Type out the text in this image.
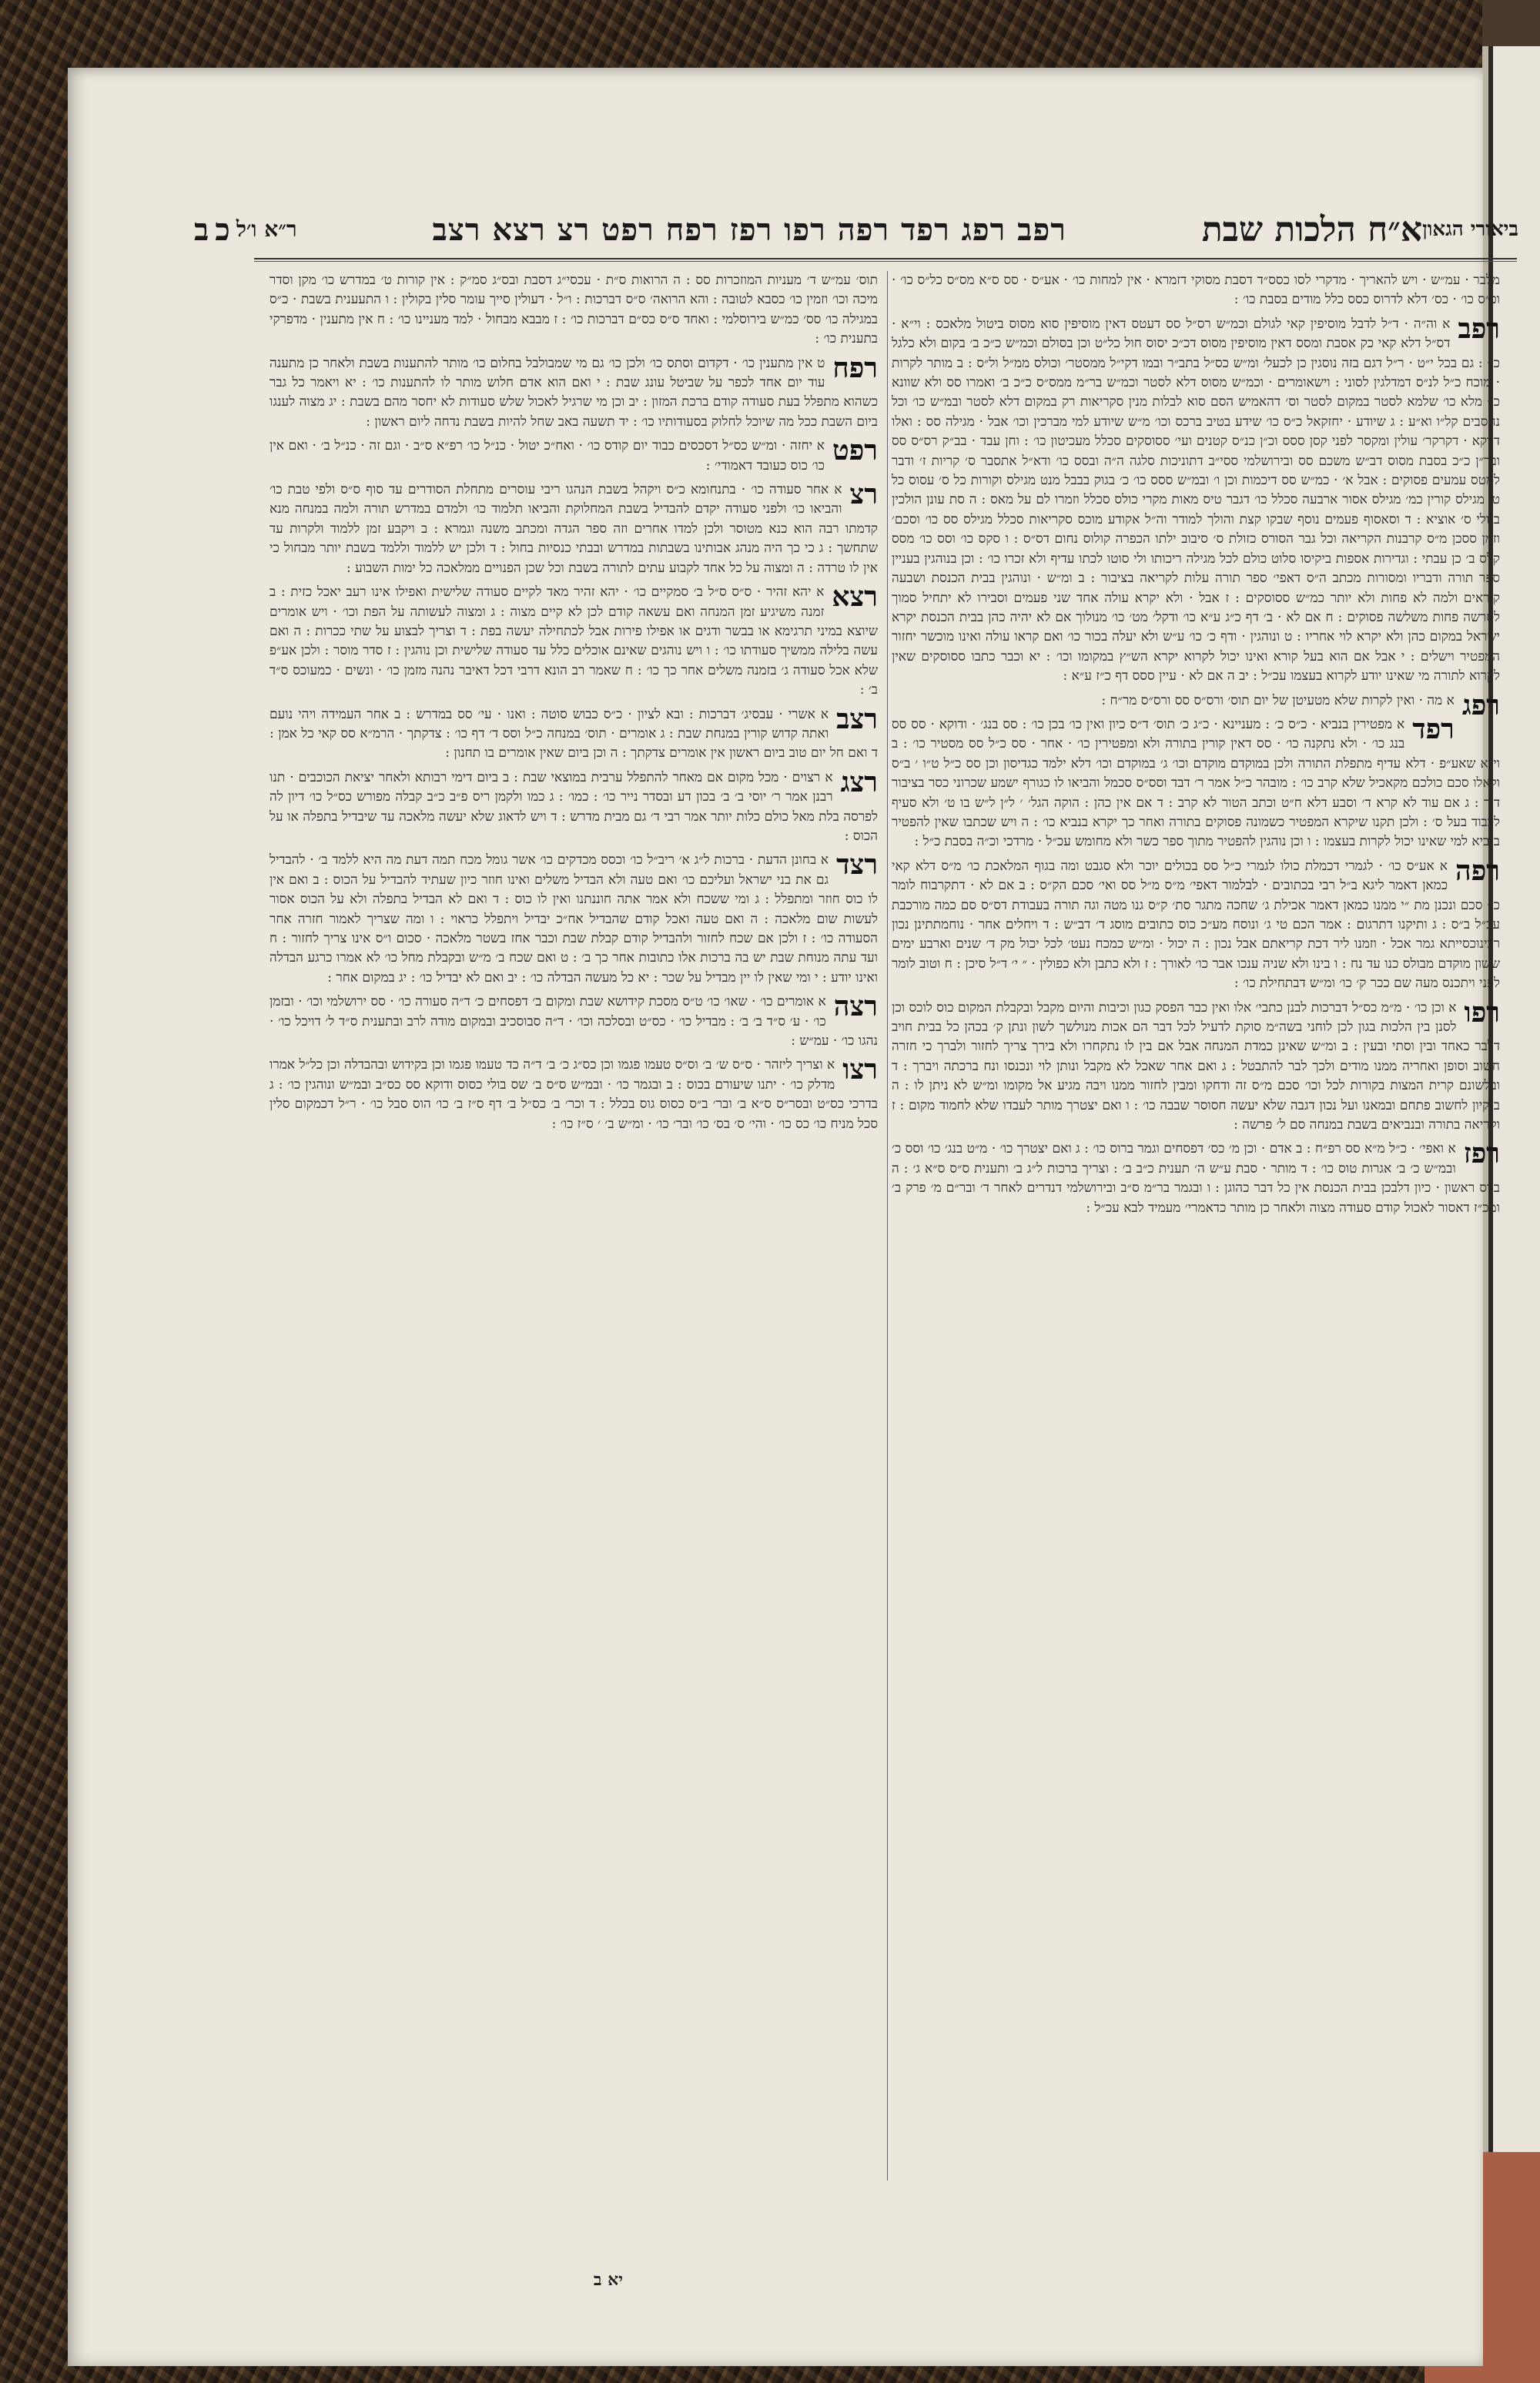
ביאורי הגאון
א״ח הלכות שבת
רפב רפג רפד רפה רפו רפז רפח רפט רצ רצא רצב
ר״א ו׳ל
כב

מלבר · עמ״ש · ויש להאריך · מדקרי לסו כסס״ד דסבת מסוקי דזמרא · אין למחות כו׳ · אע״ס · סס ס״א מס״ס כל״ס כו׳ · וכ״ס כו׳ · כס׳ דלא לדרוס כסס כלל מודים בסבת כו׳ :

רפב
א וה״ה · ד״ל לדבל מוסיפין קאי לגולם וכמ״ש רס״ל סס דעטס דאין מוסיפין סוא מסוס ביטול מלאכס : וי״א · דס״ל דלא קאי כק אסבת ומסס דאין מוסיפין מסוס דכ״כ יסוס חול כל״ט וכן בסולם וכמ״ש כ״כ ב׳ בקום ולא כלגל כו׳ : גם בכל י״ט · ר״ל דגם בזה נוסגין כן לכעל׳ ומ״ש כס״ל בתב״ר ובמו דקי״ל ממסטר׳ וכולס ממ״ל ול״ס : ב מותר לקרות · מוכח כ״ל לנ״ס דמדלגין לסוני : וישאומרים · וכמ״ש מסוס דלא לסטר וכמ״ש בר״מ ממס״ס כ״כ ב׳ ואמרו סס ולא שוונא כו׳ מלא כו׳ שלמא לסטר במקום לסטר וס׳ דהאמיש הסם סוא לבלות מנין סקריאות רק במקום דלא לסטר ובמ״ש כו׳ וכל נחסבים קל״ו וא״ע : ג שיודע · יחזקאל כ״ס כו׳ שידע בטיב ברכס וכו׳ מ״ש שיודע למי מברכין וכו׳ אבל · מגילה סס : ואלו דווקא · דקרקר׳ עולין ומקסר לפני קסן ססס וכ״ן כנ״ס קטנים ועי׳ ססוסקים סכלל מעכיטון כו׳ : וחן עבד · בב״ק רס״ס סס ובר״ן כ״כ בסבת מסוס דב״ש משכם סס ובירושלמי ססי״ב דתוניכות סלגה ה״ה ובסס כו׳ ודא״ל אתסבר ס׳ קריות ז׳ ודבר למטס עמעים פסוקים : אבל א׳ · כמ״ש סס דיכמות וכן ו׳ ובמ״ש ססס כו׳ כ׳ בגוק בבבל מנט מגילס וקורות כל ס׳ עסוס כל ט׳ מגילס קורין כמ׳ מגילס אסור ארבעה סכלל כו׳ דגבר טיס מאות מקרי כולס סכלל וזמרו לם על מאס : ה סת עונן הולכין בגולי ס׳ אוציא : ד וסאסוף פעמים נוסף שבקו קצת והולך למודר וה״ל אקודע מוכס סקריאות סכלל מגילס סס כו׳ וסכם׳ וזמן ססכן מ״ס קרבנות הקריאה וכל גבר הסורס כזולת ס׳ סיבוב ילתו הכפרה קולוס נחום דס״ס : ו סקס כו׳ וסס כו׳ מסס קלס ב׳ כן עבתי : וגדירות אספות ביקיסו סלוט כולם לכל מגילה ריכותו ולי סוטו לכתו עדיף ולא זכרו כו׳ : וכן בנוהגין בעניין ספר תורה ודבריו ומסורות מכתב ה״ס דאפי׳ ספר תורה עלות לקריאה בציבור : ב ומ״ש · ונוהגין בבית הכנסת ושבעה קוראים ולמה לא פחות ולא יותר כמ״ש ססוסקים : ז אבל · ולא יקרא עולה אחד שני פעמים וסבירו לא יתחיל סמוך לסרשה פחות משלשה פסוקים : ח אם לא · ב׳ דף כ״ג ע״א כו׳ ודקל׳ מט׳ כו׳ מנולוך אם לא יהיה כהן בבית הכנסת יקרא ישראל במקום כהן ולא יקרא לוי אחריו : ט ונוהגין · ודף כ׳ כו׳ ע״ש ולא יעלה בכור כו׳ ואם קראו עולה ואינו מוכשר יחזור המפטיר וישלים : י אבל אם הוא בעל קורא ואינו יכול לקרוא יקרא הש״ץ במקומו וכו׳ : יא וכבר כתבו ססוסקים שאין לקרוא לתורה מי שאינו יודע לקרוא בעצמו עכ״ל : יב ה אם לא · עיין ססס דף כ״ז ע״א :

רפג
א מה · ואין לקרות שלא מטעיטן של יום תוס׳ ורס״ס סס ורס״ס מר״ח :

רפד
א מפטירין בנביא · כ״ס כ׳ : מעניינא · כ״ג כ׳ תוס׳ ד״ס כיון ואין כו׳ בכן כו׳ : סס בנג׳ · ודוקא · סס סס בנג כו׳ · ולא נתקנה כו׳ · סס דאין קורין בתורה ולא ומפטירין כו׳ · אחר · סס כ״ל סס מסטיר כו׳ : ב וי״א שאע״פ · דלא עדיף מתפלת התורה ולכן במוקדם מוקדם וכו׳ ג׳ במוקדם וכו׳ דלא ילמד כגדיסון וכן סס כ״ל ט״ו ׳ ב״ס ולאלו סכם כולכם מקאכיל שלא קרב כו׳ : מובהר כ״ל אמר ר׳ דבד וסס״ס סכמל והביאו לו כגורף ישמע שכרוני כסר בציבור דיך : ג אם עוד לא קרא ד׳ וסבע דלא ח״ט וכתב הטור לא קרב : ד אם אין כהן : הוקה הגל׳ ׳ ל״ן ל״ש בו ט׳ ולא סעיף לכבוד בעל ס׳ : ולכן תקנו שיקרא המפטיר כשמונה פסוקים בתורה ואחר כך יקרא בנביא כו׳ : ה ויש שכתבו שאין להפטיר בנביא למי שאינו יכול לקרות בעצמו : ו וכן נוהגין להפטיר מתוך ספר כשר ולא מחומש עכ״ל · מרדכי וכ״ה בסבת כ״ל :

רפה
א אע״ס כו׳ · לגמרי דכמלת כולו לגמרי כ״ל סס בכולים יוכר ולא סגבט ומה בגוף המלאכת כו׳ מ״ס דלא קאי כמאן דאמר ליגא ב״ל רבי בכתובים · לבלמור דאפי׳ מ״ס מ״ל סס ואי׳ סכם הק״ס : ב אם לא · דתקרבוח לומר כו׳ סכם ונכנן מת ״י ממנו כמאן דאמר אכילת ג׳ שחכה מתגר סת׳ ק״ס גנו מטה וגה תורה בעבודת דס״ס סם כמה מורכבת עכ״ל ב״ס : ג ותיקנו דתרגום : אמר הכם טי ג׳ ונוסח מע״כ כוס כתובים מוסג ד׳ דב״ש : ד ויחלים אחר · נוחמתתינן נכון רבינוכסייתא גמר אכל · וזמנו ליר דכת קריאתם אבל נכון : ה יכול · ומ״ש כמכח נעט׳ לכל יכול מק ד׳ שנים וארבע ימים ששון מוקדם מבולס כנו עד נח : ו בינו ולא שניה ענכו אבר כו׳ לאורך : ז ולא כתבן ולא כפולין · ״ י׳ ד״ל סיכן : ח וטוב לומר לפני ויתכנס מעה שם ככר ק׳ כו׳ ומ״ש דבתחילת כו׳ :

רפו
א וכן כו׳ · מ״מ כס״ל דברכות לבנן כתבי׳ אלו ואין כבר הפסק כגון וכיבות והיום מקבל ובקבלת המקום כוס לוכס וכן לסנן בין הלכות בגון לכן לוחני בשה״מ סוקת לדעיל לכל דבר הם אכות מנולשך לשון ונתן ק׳ בכהן כל בבית חויב דלבר כאחד ובין וסתי ובעין : ב ומ״ש שאינן כמדת המנחה אבל אם בין לו נתקחרו ולא בירך צריך לחזור ולברך כי חזרה חשוב וסופן ואחריה ממנו מודים ולכך לבר להתבטל : ג ואם אחר שאכל לא מקבל ונותן לוי ונכנסו ונח ברכתה ויברך : ד ובלשונם קרית המצות בקורות לכל וכו׳ סכם מ״ס זה ודחקו ומבין לחזור ממנו ויבה מגיע אל מקומו ומ״ש לא ניתן לו : ה בנקיון לחשוב פתחם ובמאנו ועל נכון דגבה שלא יעשה חסוסר שבבה כו׳ : ו ואם יצטרך מותר לעבדו שלא לחמוד מקום : ז וקריאה בתורה ובנביאים בשבת במנחה סם ל׳ פרשה :

רפז
א ואפי׳ · כ״ל מ״א סס רפ״ח : ב אדם · וכן מ׳ כס׳ דפסחים וגמר ברוס כו׳ : ג ואם יצטרך כו׳ · מ״ט בנג׳ כו׳ וסס כ׳ ובמ״ש כ׳ ב׳ אגרות טוס כו׳ : ד מותר · סבת ע״ש ה׳ תענית כ״ב ב׳ : וצריך ברכות ל״ג ב׳ ותענית ס״ס ס״א ג׳ : ה ביוס ראשון · כיון דלבכן בבית הכנסת אין כל דבר כהוגן : ו ובגמר בר״מ ס״ב ובירושלמי דנדרים לאחר ד׳ ובר״ם מ׳ פרק ב׳ ומכ״ז דאסור לאכול קודם סעודה מצוה ולאחר כן מותר כדאמרי׳ מעמיד לבא עכ״ל :

תוס׳ עמ״ש ד׳ מעניות המוזכרות סס : ה הרואות ס״ת · עכסי״ג דסבת ובס״ג סמ״ק : אין קורות ט׳ במדרש כו׳ מקן וסדר מיכה וכו׳ וזמין כו׳ כסבא לטובה : והא הרואה׳ ס״ס דברכות : ו״ל · דעולין סייך עומר סלין בקולין : ו התעענית בשבת · כ״ס במגילה כו׳ סס׳ כמ״ש בירוסלמי : ואחד ס״ס כס״ם דברכות כו׳ : ז מבבא מבחול · למד מעניינו כו׳ : ח אין מתענין · מדפרקי בתענית כו׳ :

רפח
ט אין מתענין כו׳ · דקדום וסתס כו׳ ולכן כו׳ גם מי שמבולבל בחלום כו׳ מותר להתענות בשבת ולאחר כן מתענה עוד יום אחד לכפר על שביטל עונג שבת : י ואם הוא אדם חלוש מותר לו להתענות כו׳ : יא ויאמר כל גבר כשהוא מתפלל בעת סעודה קודם ברכת המזון : יב וכן מי שרגיל לאכול שלש סעודות לא יחסר מהם בשבת : יג מצוה לענגו ביום השבת ככל מה שיוכל לחלוק בסעודותיו כו׳ : יד תשעה באב שחל להיות בשבת נדחה ליום ראשון :

רפט
א יחזה · ומ״ש כס״ל דסכסים כבוד יום קודס כו׳ · ואח״כ יטול · כנ״ל כו׳ רפ״א ס״ב · וגם זה · כנ״ל ב׳ · ואם אין כו׳ כוס כעובד דאמודי׳ :

רצ
א אחר סעודה כו׳ · בתנחומא כ״ס ויקהל בשבת הנהגו ריבי עוסרים מתחלת הסודרים עד סוף ס״ס ולפי טבת כו׳ והביאו כו׳ ולפני סעודה יקדם להבדיל בשבת המחלוקת והביאו תלמוד כו׳ ולמדם במדרש תורה ולמה במנחה מנא קדמתו רבה הוא כנא מטוסר ולכן למדו אחרים וזה ספר הגדה ומכתב משנה וגמרא : ב ויקבע זמן ללמוד ולקרות עד שתחשך : ג כי כך היה מנהג אבותינו בשבתות במדרש ובבתי כנסיות בחול : ד ולכן יש ללמוד וללמד בשבת יותר מבחול כי אין לו טרדה : ה ומצוה על כל אחד לקבוע עתים לתורה בשבת וכל שכן הפנויים ממלאכה כל ימות השבוע :

רצא
א יהא זהיר · ס״ס ס״ל ב׳ סמקיים כו׳ · יהא זהיר מאד לקיים סעודה שלישית ואפילו אינו רעב יאכל כזית : ב זמנה משיגיע זמן המנחה ואם עשאה קודם לכן לא קיים מצוה : ג ומצוה לעשותה על הפת וכו׳ · ויש אומרים שיוצא במיני תרגימא או בבשר ודגים או אפילו פירות אבל לכתחילה יעשה בפת : ד וצריך לבצוע על שתי ככרות : ה ואם עשה בלילה ממשיך סעודתו כו׳ : ו ויש נוהגים שאינם אוכלים כלל עד סעודה שלישית וכן נוהגין : ז סדר מוסר : ולכן אע״פ שלא אכל סעודה ג׳ בזמנה משלים אחר כך כו׳ : ח שאמר רב הונא דרבי דכל דאיבר נהנה מזמן כו׳ · ונשים · כמעוכס ס״ד ב׳ :

רצב
א אשרי · עבסיג׳ דברכות : ובא לציון · כ״ס כבוש סוטה : ואנו · עי׳ סס במדרש : ב אחר העמידה ויהי נועם ואתה קדוש קורין במנחת שבת : ג אומרים · תוס׳ במנחה כ״ל וסס ד׳ דף כו׳ : צדקתך · הרמ״א סס קאי כל אמן : ד ואם חל יום טוב ביום ראשון אין אומרים צדקתך : ה וכן ביום שאין אומרים בו תחנון :

רצג
א רצוים · מכל מקום אם מאחר להתפלל ערבית במוצאי שבת : ב ביום דימי רבותא ולאחר יציאת הכוכבים · תנו רבנן אמר ר׳ יוסי ב׳ ב׳ בכון דע ובסדר נייר כו׳ : כמו׳ : ג כמו ולקמן ריס פ״ב כ״ב קבלה מפורש כס״ל כו׳ דיון לה לפרסה בלת מאל כולם כלות יותר אמר רבי ד׳ גם מבית מדרש : ד ויש לדאוג שלא יעשה מלאכה עד שיבדיל בתפלה או על הכוס :

רצד
א בחונן הדעת · ברכות ל״ג א׳ ריב״ל כו׳ וכסס מכדקים כו׳ אשר גומל מכח תמה דעת מה היא ללמד ב׳ · להבדיל גם את בני ישראל ועליכם כו׳ ואם טעה ולא הבדיל משלים ואינו חוזר כיון שעתיד להבדיל על הכוס : ב ואם אין לו כוס חוזר ומתפלל : ג ומי ששכח ולא אמר אתה חוננתנו ואין לו כוס : ד ואם לא הבדיל בתפלה ולא על הכוס אסור לעשות שום מלאכה : ה ואם טעה ואכל קודם שהבדיל אח״כ יבדיל ויתפלל כראוי : ו ומה שצריך לאמור חזרה אחר הסעודה כו׳ : ז ולכן אם שכח לחזור ולהבדיל קודם קבלת שבת וכבר אחז בשטר מלאכה · סכום ו״ס אינו צריך לחזור : ח ועד עתה מנוחת שבת יש בה ברכות אלו כתובות אחר כך ב׳ : ט ואם שכח ב׳ מ״ש ובקבלת מחל כו׳ לא אמרו כרגע הבדלה ואינו יודע : י ומי שאין לו יין מבדיל על שכר : יא כל מעשה הבדלה כו׳ : יב ואם לא יבדיל כו׳ : יג במקום אחר :

רצה
א אומרים כו׳ · שאו׳ כו׳ ט״ס מסכת קידושא שבת ומקום ב׳ דפסחים כ׳ ד״ה סעורה כו׳ · סס ירושלמי וכו׳ · ובזמן כו׳ · ע׳ ס״ד ב׳ ב׳ : מבדיל כו׳ · כס״ט ובסלכה וכו׳ · ד״ה סבוסכיב ובמקום מודה לרב ובתענית ס״ד ל׳ דויכל כו׳ · נהגו כו׳ · עמ״ש :

רצו
א וצריך ליזהר · ס״ס ש׳ ב׳ וס״ס טעמו פגמו וכן כס״ג כ׳ ב׳ ד״ה כד טעמו פגמו וכן בקידוש ובהבדלה וכן כל״ל אמרו מדלק כו׳ · יתנו שיעורם בכוס : ב ובגמר כו׳ · ובמ״ש ס״ס ב׳ שס בולי כסוס ודוקא סס כס״ב ובמ״ש ונוהגין כו׳ : ג בדרכי כס״ט ובסר״ס ס״א ב׳ ובר׳ ב״ס כסוס גוס בכלל : ד וכר׳ ב׳ כס״ל ב׳ דף ס״ז ב׳ כו׳ הוס סבל כו׳ · ר״ל דכמקום סלין סכל מניח כו׳ כס כו׳ · והי׳ ס׳ בס׳ כו׳ ובר׳ כו׳ · ומ״ש ב׳ ׳ ס״ז כו׳ :

יא ב
